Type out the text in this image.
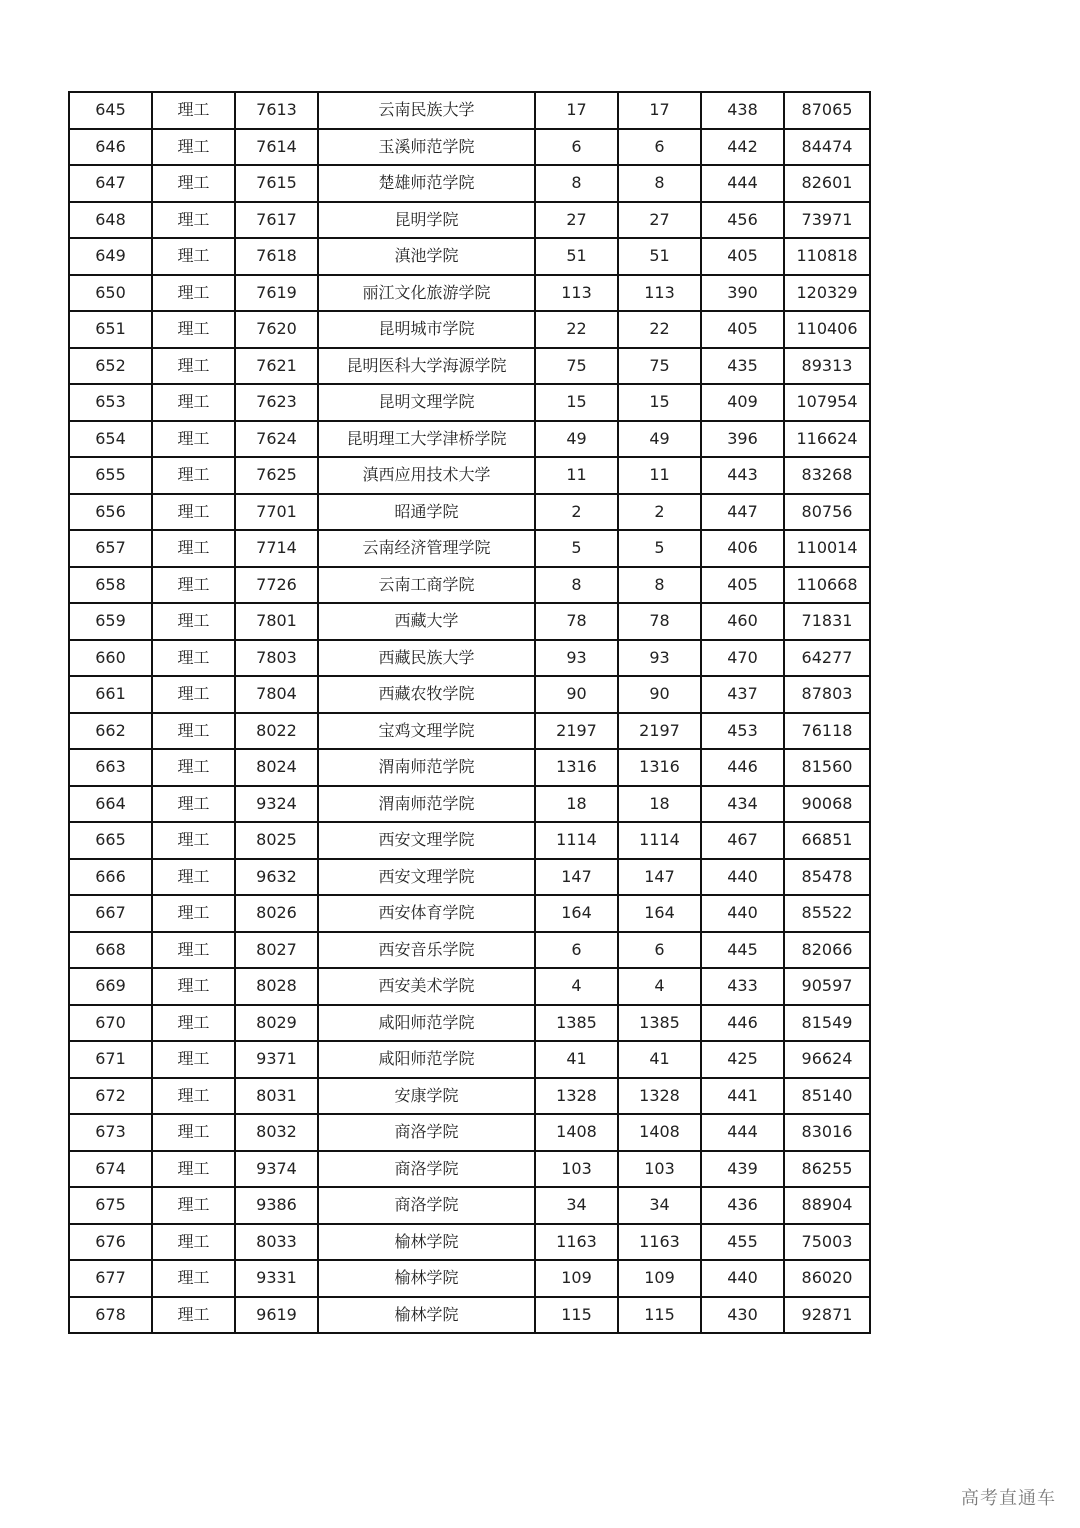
645	理工	7613	云南民族大学	17	17	438	87065
646	理工	7614	玉溪师范学院	6	6	442	84474
647	理工	7615	楚雄师范学院	8	8	444	82601
648	理工	7617	昆明学院	27	27	456	73971
649	理工	7618	滇池学院	51	51	405	110818
650	理工	7619	丽江文化旅游学院	113	113	390	120329
651	理工	7620	昆明城市学院	22	22	405	110406
652	理工	7621	昆明医科大学海源学院	75	75	435	89313
653	理工	7623	昆明文理学院	15	15	409	107954
654	理工	7624	昆明理工大学津桥学院	49	49	396	116624
655	理工	7625	滇西应用技术大学	11	11	443	83268
656	理工	7701	昭通学院	2	2	447	80756
657	理工	7714	云南经济管理学院	5	5	406	110014
658	理工	7726	云南工商学院	8	8	405	110668
659	理工	7801	西藏大学	78	78	460	71831
660	理工	7803	西藏民族大学	93	93	470	64277
661	理工	7804	西藏农牧学院	90	90	437	87803
662	理工	8022	宝鸡文理学院	2197	2197	453	76118
663	理工	8024	渭南师范学院	1316	1316	446	81560
664	理工	9324	渭南师范学院	18	18	434	90068
665	理工	8025	西安文理学院	1114	1114	467	66851
666	理工	9632	西安文理学院	147	147	440	85478
667	理工	8026	西安体育学院	164	164	440	85522
668	理工	8027	西安音乐学院	6	6	445	82066
669	理工	8028	西安美术学院	4	4	433	90597
670	理工	8029	咸阳师范学院	1385	1385	446	81549
671	理工	9371	咸阳师范学院	41	41	425	96624
672	理工	8031	安康学院	1328	1328	441	85140
673	理工	8032	商洛学院	1408	1408	444	83016
674	理工	9374	商洛学院	103	103	439	86255
675	理工	9386	商洛学院	34	34	436	88904
676	理工	8033	榆林学院	1163	1163	455	75003
677	理工	9331	榆林学院	109	109	440	86020
678	理工	9619	榆林学院	115	115	430	92871
高考直通车
